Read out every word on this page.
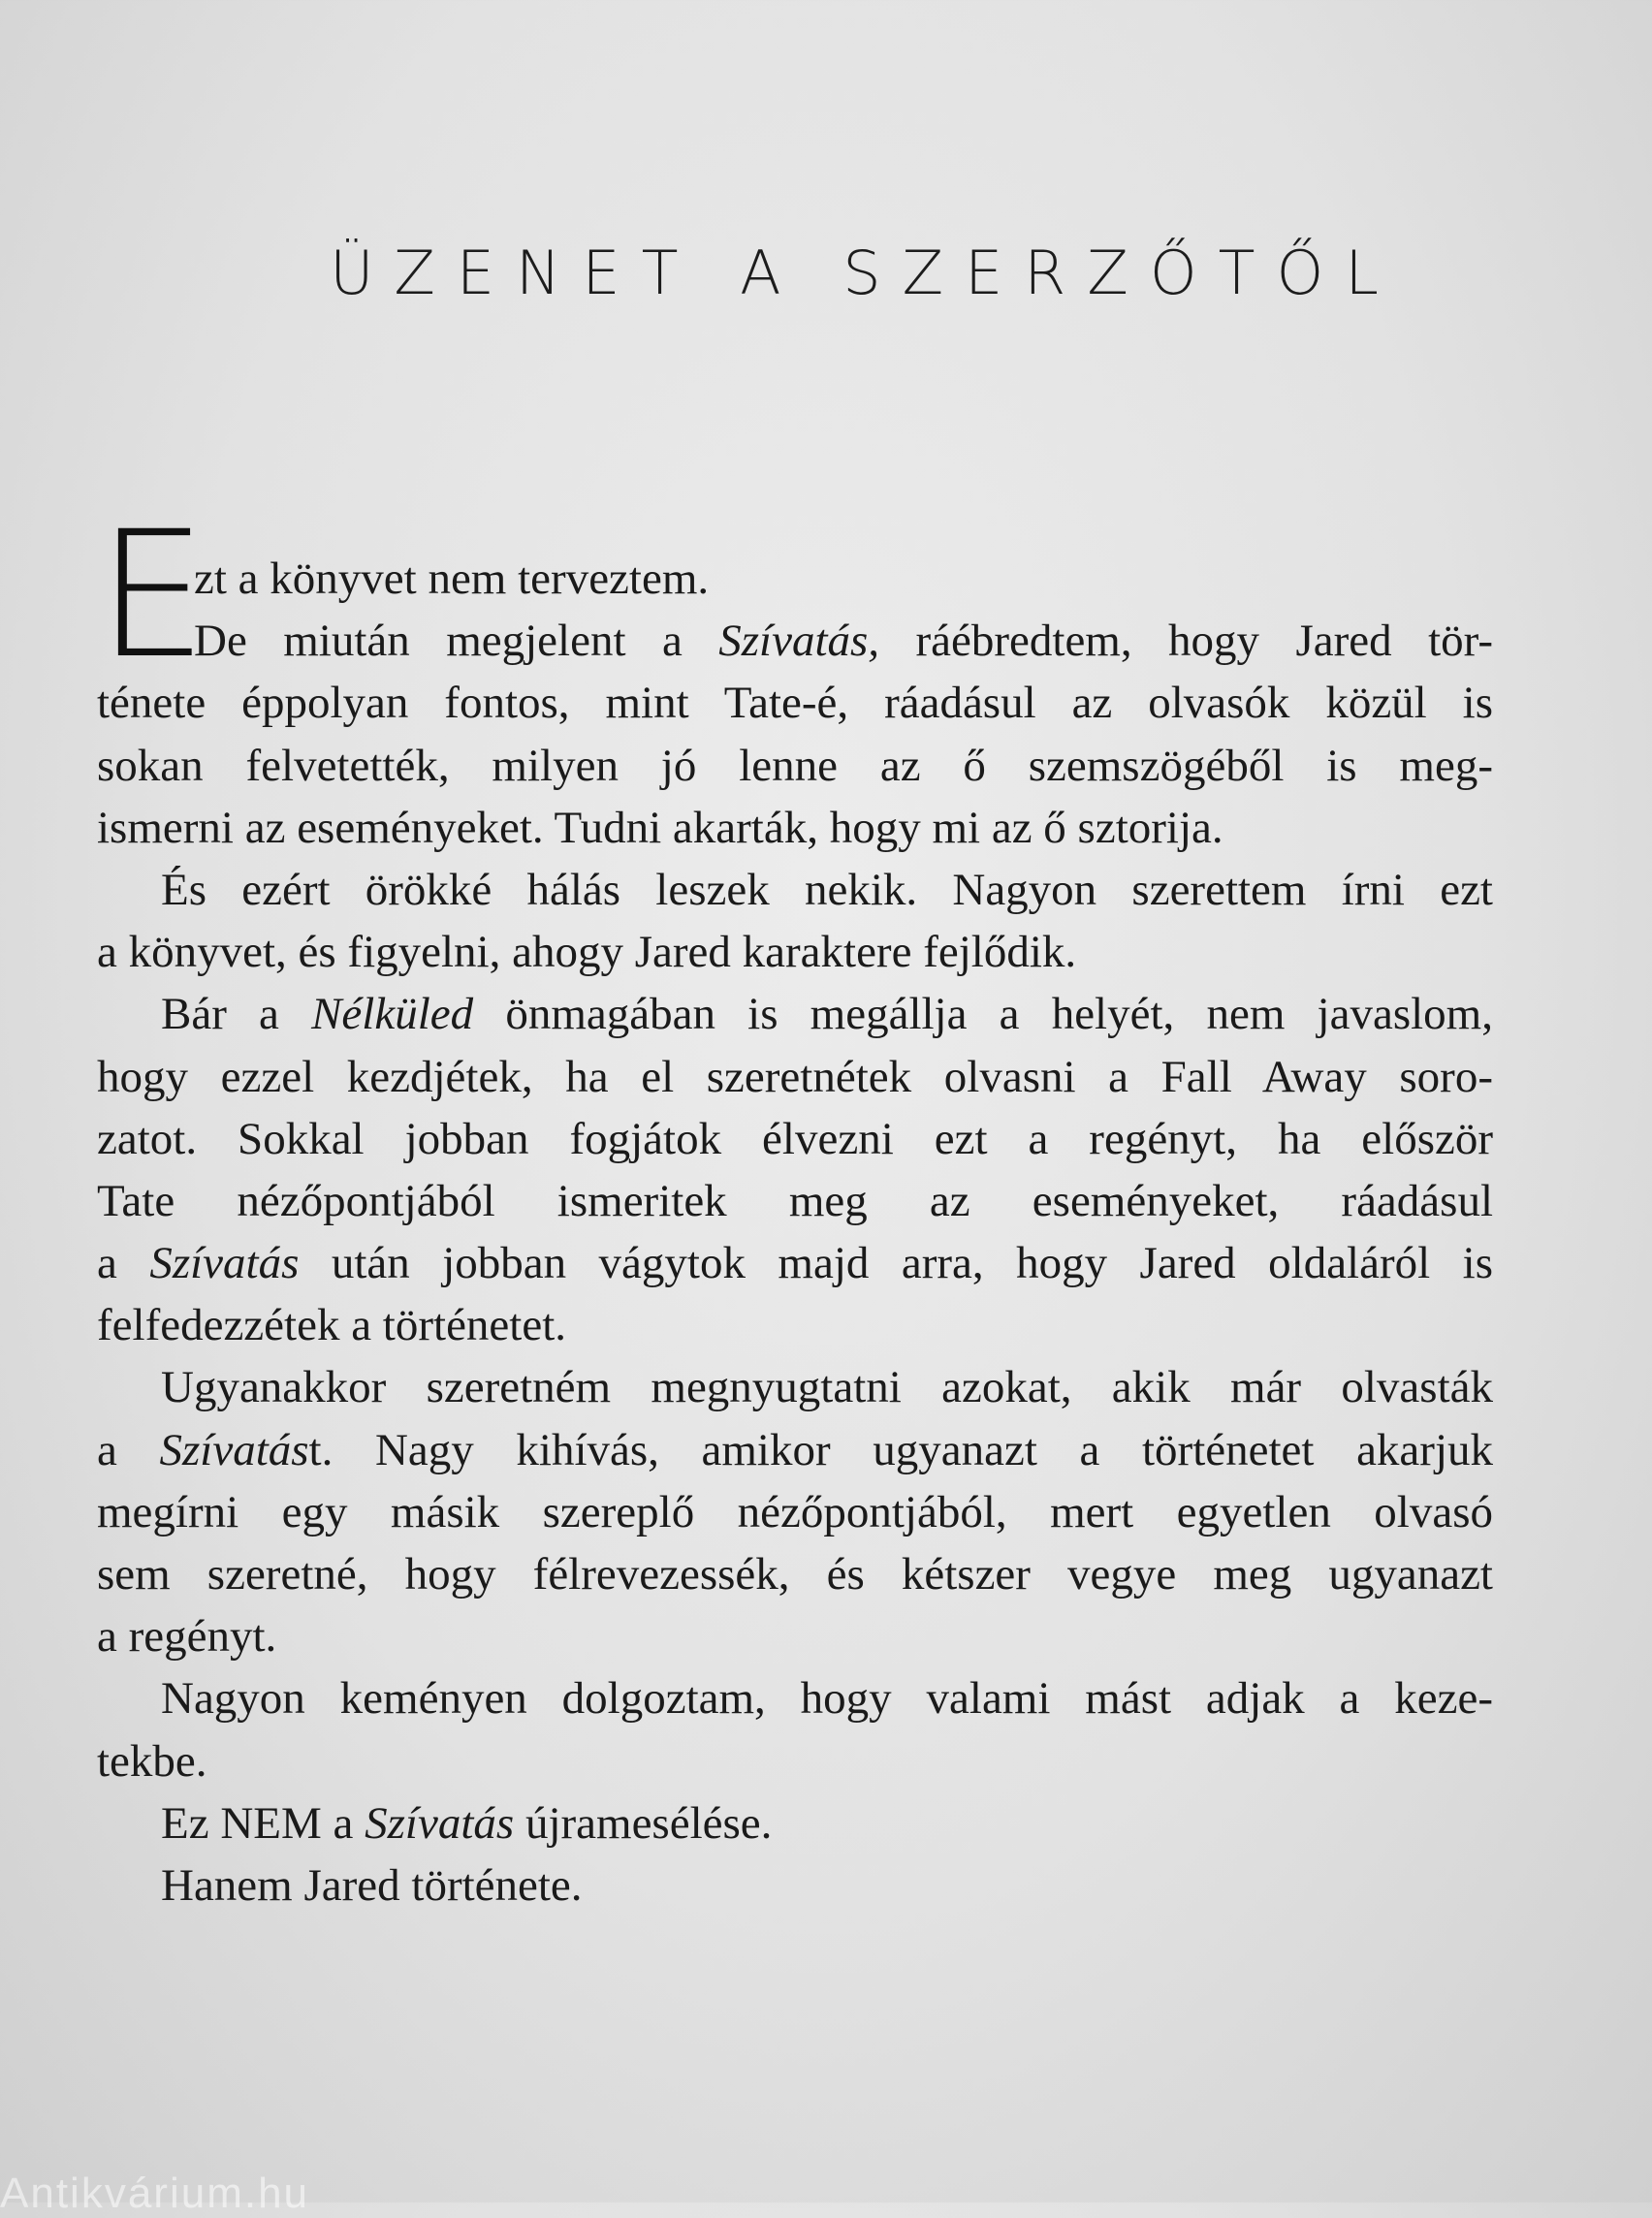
ÜZENET A SZERZŐTŐL
E
zt a könyvet nem terveztem.
De miután megjelent a Szívatás, ráébredtem, hogy Jared tör-
ténete éppolyan fontos, mint Tate-é, ráadásul az olvasók közül is
sokan felvetették, milyen jó lenne az ő szemszögéből is meg-
ismerni az eseményeket. Tudni akarták, hogy mi az ő sztorija.
És ezért örökké hálás leszek nekik. Nagyon szerettem írni ezt
a könyvet, és figyelni, ahogy Jared karaktere fejlődik.
Bár a Nélküled önmagában is megállja a helyét, nem javaslom,
hogy ezzel kezdjétek, ha el szeretnétek olvasni a Fall Away soro-
zatot. Sokkal jobban fogjátok élvezni ezt a regényt, ha először
Tate nézőpontjából ismeritek meg az eseményeket, ráadásul
a Szívatás után jobban vágytok majd arra, hogy Jared oldaláról is
felfedezzétek a történetet.
Ugyanakkor szeretném megnyugtatni azokat, akik már olvasták
a Szívatást. Nagy kihívás, amikor ugyanazt a történetet akarjuk
megírni egy másik szereplő nézőpontjából, mert egyetlen olvasó
sem szeretné, hogy félrevezessék, és kétszer vegye meg ugyanazt
a regényt.
Nagyon keményen dolgoztam, hogy valami mást adjak a keze-
tekbe.
Ez NEM a Szívatás újramesélése.
Hanem Jared története.
Antikvárium.hu
